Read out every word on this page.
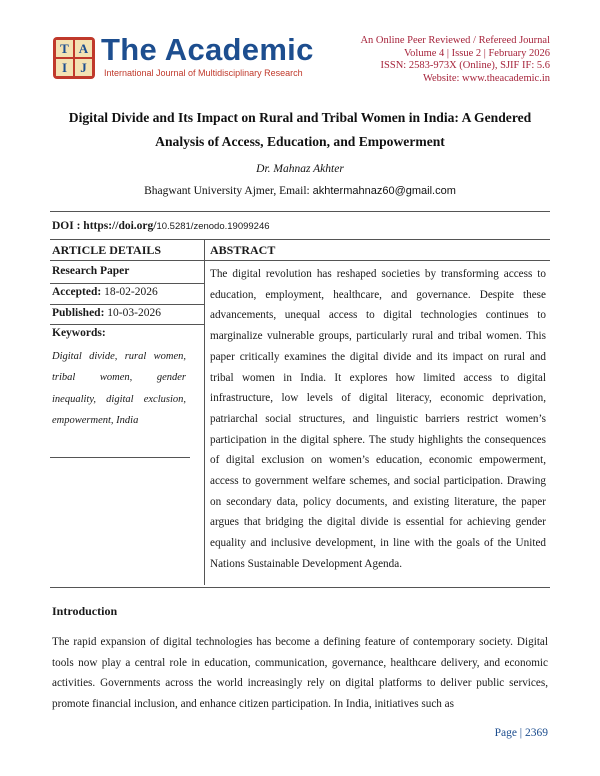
T A
I J
The Academic
International Journal of Multidisciplinary Research
An Online Peer Reviewed / Refereed Journal
Volume 4 | Issue 2 | February 2026
ISSN: 2583-973X (Online), SJIF IF: 5.6
Website: www.theacademic.in
Digital Divide and Its Impact on Rural and Tribal Women in India: A Gendered Analysis of Access, Education, and Empowerment
Dr. Mahnaz Akhter
Bhagwant University Ajmer, Email: akhtermahnaz60@gmail.com
DOI : https://doi.org/10.5281/zenodo.19099246
ARTICLE DETAILS	ABSTRACT
Research Paper
Accepted: 18-02-2026
Published: 10-03-2026
Keywords:
Digital divide, rural women, tribal women, gender inequality, digital exclusion, empowerment, India
The digital revolution has reshaped societies by transforming access to education, employment, healthcare, and governance. Despite these advancements, unequal access to digital technologies continues to marginalize vulnerable groups, particularly rural and tribal women. This paper critically examines the digital divide and its impact on rural and tribal women in India. It explores how limited access to digital infrastructure, low levels of digital literacy, economic deprivation, patriarchal social structures, and linguistic barriers restrict women’s participation in the digital sphere. The study highlights the consequences of digital exclusion on women’s education, economic empowerment, access to government welfare schemes, and social participation. Drawing on secondary data, policy documents, and existing literature, the paper argues that bridging the digital divide is essential for achieving gender equality and inclusive development, in line with the goals of the United Nations Sustainable Development Agenda.
Introduction
The rapid expansion of digital technologies has become a defining feature of contemporary society. Digital tools now play a central role in education, communication, governance, healthcare delivery, and economic activities. Governments across the world increasingly rely on digital platforms to deliver public services, promote financial inclusion, and enhance citizen participation. In India, initiatives such as
Page | 2369
